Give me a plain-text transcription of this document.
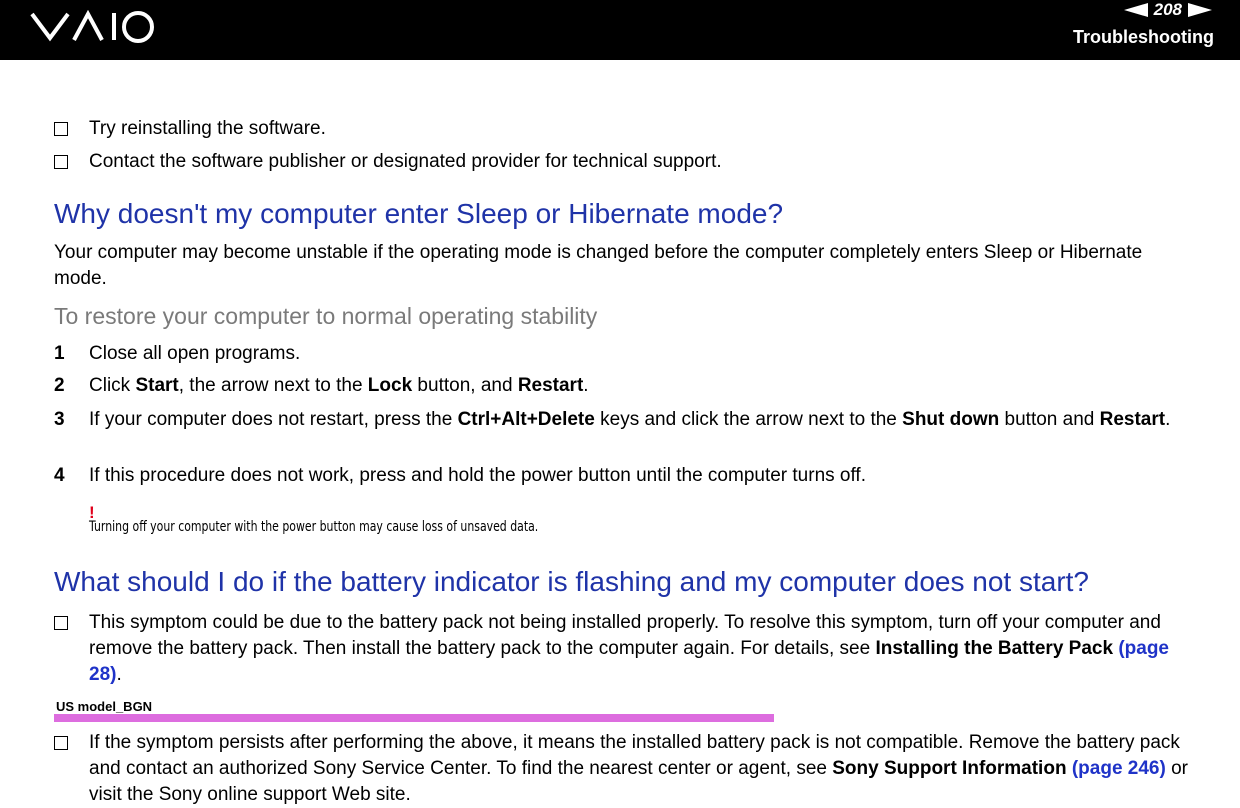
208
Troubleshooting
Try reinstalling the software.
Contact the software publisher or designated provider for technical support.
Why doesn't my computer enter Sleep or Hibernate mode?
Your computer may become unstable if the operating mode is changed before the computer completely enters Sleep or Hibernate mode.
To restore your computer to normal operating stability
1 Close all open programs.
2 Click Start, the arrow next to the Lock button, and Restart.
3 If your computer does not restart, press the Ctrl+Alt+Delete keys and click the arrow next to the Shut down button and Restart.
4 If this procedure does not work, press and hold the power button until the computer turns off.
!
Turning off your computer with the power button may cause loss of unsaved data.
What should I do if the battery indicator is flashing and my computer does not start?
This symptom could be due to the battery pack not being installed properly. To resolve this symptom, turn off your computer and remove the battery pack. Then install the battery pack to the computer again. For details, see Installing the Battery Pack (page 28).
If the symptom persists after performing the above, it means the installed battery pack is not compatible. Remove the battery pack and contact an authorized Sony Service Center. To find the nearest center or agent, see Sony Support Information (page 246) or visit the Sony online support Web site.
US model_BGN
